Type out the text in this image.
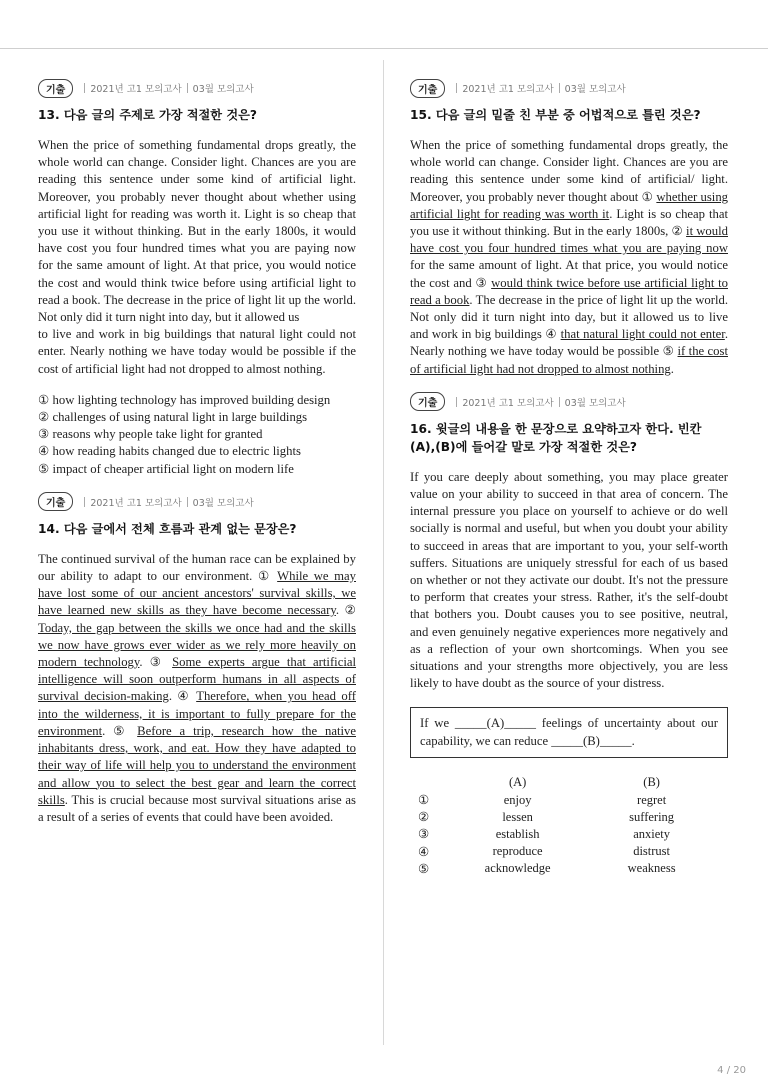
기출	2021년 고1 모의고사 03월 모의고사

13. 다음 글의 주제로 가장 적절한 것은?

When the price of something fundamental drops greatly, the whole world can change. Consider light. Chances are you are reading this sentence under some kind of artificial light. Moreover, you probably never thought about whether using artificial light for reading was worth it. Light is so cheap that you use it without thinking. But in the early 1800s, it would have cost you four hundred times what you are paying now for the same amount of light. At that price, you would notice the cost and would think twice before using artificial light to read a book. The decrease in the price of light lit up the world. Not only did it turn night into day, but it allowed us
to live and work in big buildings that natural light could not enter. Nearly nothing we have today would be possible if the cost of artificial light had not dropped to almost nothing.

① how lighting technology has improved building design
② challenges of using natural light in large buildings
③ reasons why people take light for granted
④ how reading habits changed due to electric lights
⑤ impact of cheaper artificial light on modern life
기출	2021년 고1 모의고사 03월 모의고사

14. 다음 글에서 전체 흐름과 관계 없는 문장은?

The continued survival of the human race can be explained by our ability to adapt to our environment. ① While we may have lost some of our ancient ancestors' survival skills, we have learned new skills as they have become necessary. ② Today, the gap between the skills we once had and the skills we now have grows ever wider as we rely more heavily on modern technology. ③ Some experts argue that artificial intelligence will soon outperform humans in all aspects of survival decision-making. ④ Therefore, when you head off into the wilderness, it is important to fully prepare for the environment. ⑤ Before a trip, research how the native inhabitants dress, work, and eat. How they have adapted to their way of life will help you to understand the environment and allow you to select the best gear and learn the correct skills. This is crucial because most survival situations arise as a result of a series of events that could have been avoided.

기출	2021년 고1 모의고사 03월 모의고사

15. 다음 글의 밑줄 친 부분 중 어법적으로 틀린 것은?

When the price of something fundamental drops greatly, the whole world can change. Consider light. Chances are you are reading this sentence under some kind of artificial/ light. Moreover, you probably never thought about ① whether using artificial light for reading was worth it. Light is so cheap that you use it without thinking. But in the early 1800s, ② it would have cost you four hundred times what you are paying now for the same amount of light. At that price, you would notice the cost and ③ would think twice before use artificial light to read a book. The decrease in the price of light lit up the world. Not only did it turn night into day, but it allowed us to live and work in big buildings ④ that natural light could not enter. Nearly nothing we have today would be possible ⑤ if the cost of artificial light had not dropped to almost nothing.

기출	2021년 고1 모의고사 03월 모의고사

16. 윗글의 내용을 한 문장으로 요약하고자 한다. 빈칸 (A),(B)에 들어갈 말로 가장 적절한 것은?

If you care deeply about something, you may place greater value on your ability to succeed in that area of concern. The internal pressure you place on yourself to achieve or do well socially is normal and useful, but when you doubt your ability to succeed in areas that are important to you, your self-worth suffers. Situations are uniquely stressful for each of us based on whether or not they activate our doubt. It's not the pressure to perform that creates your stress. Rather, it's the self-doubt that bothers you. Doubt causes you to see positive, neutral, and even genuinely negative experiences more negatively and as a reflection of your own shortcomings. When you see situations and your strengths more objectively, you are less likely to have doubt as the source of your distress.

If we _____(A)_____ feelings of uncertainty about our capability, we can reduce _____(B)_____.
	(A)	(B)
①	enjoy	regret
②	lessen	suffering
③	establish	anxiety
④	reproduce	distrust
⑤	acknowledge	weakness
4 / 20
